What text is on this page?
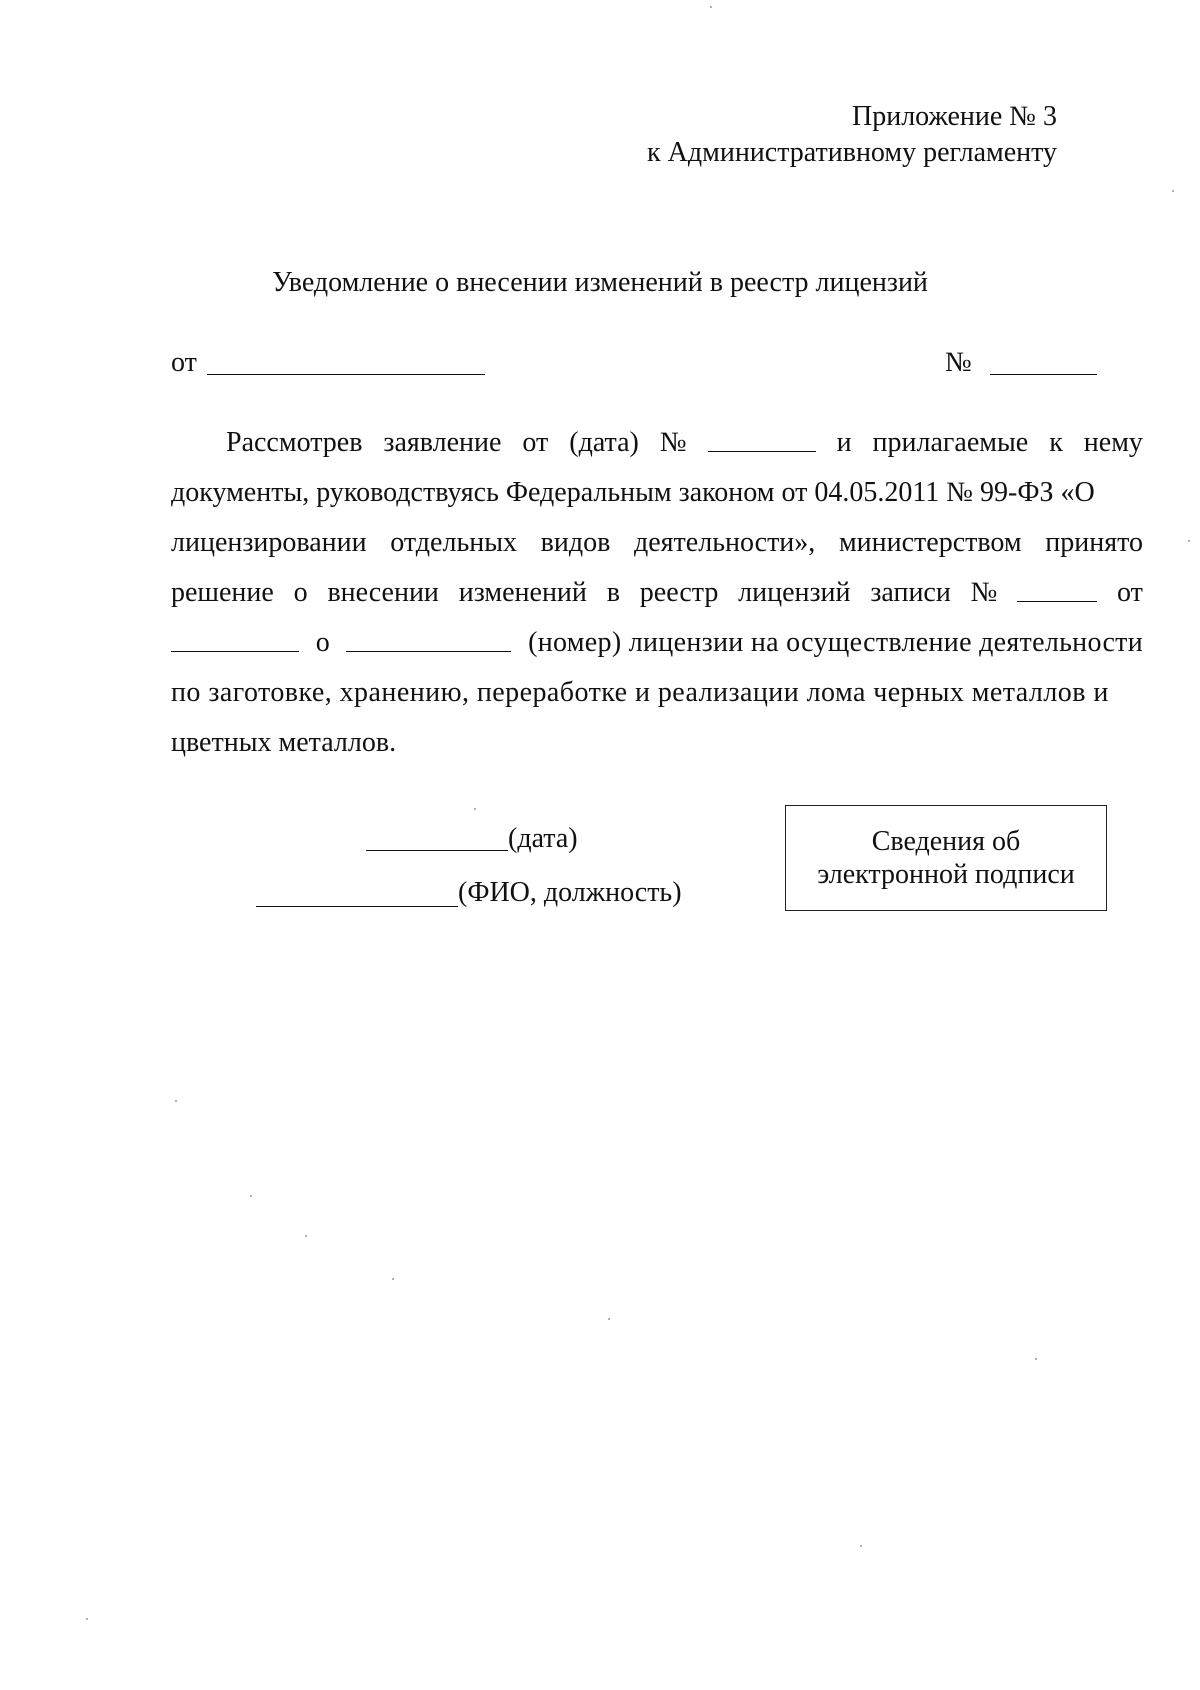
Приложение № 3
к Административному регламенту
Уведомление о внесении изменений в реестр лицензий
от	№
Рассмотрев заявление от (дата) №	и прилагаемые к нему
документы, руководствуясь Федеральным законом от 04.05.2011 № 99-ФЗ «О
лицензировании отдельных видов деятельности», министерством принято
решение о внесении изменений в реестр лицензий записи №	от
о	(номер) лицензии на осуществление деятельности
по заготовке, хранению, переработке и реализации лома черных металлов и
цветных металлов.
(дата)
(ФИО, должность)
Сведения об
электронной подписи
